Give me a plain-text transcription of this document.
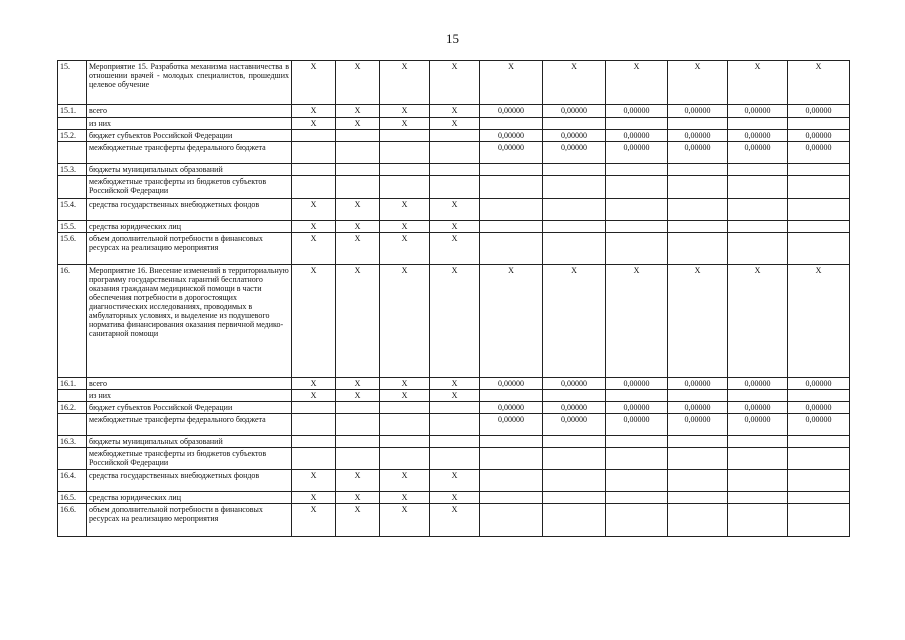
15
15.	Мероприятие 15. Разработка механизма наставничества в отношении врачей - молодых специалистов, прошедших целевое обучение	Х	Х	Х	Х	Х	Х	Х	Х	Х	Х
15.1.	всего	Х	Х	Х	Х	0,00000	0,00000	0,00000	0,00000	0,00000	0,00000
	из них	Х	Х	Х	Х						
15.2.	бюджет субъектов Российской Федерации					0,00000	0,00000	0,00000	0,00000	0,00000	0,00000
	межбюджетные трансферты федерального бюджета					0,00000	0,00000	0,00000	0,00000	0,00000	0,00000
15.3.	бюджеты муниципальных образований										
	межбюджетные трансферты из бюджетов субъектов Российской Федерации										
15.4.	средства государственных внебюджетных фондов	Х	Х	Х	Х						
15.5.	средства юридических лиц	Х	Х	Х	Х						
15.6.	объем дополнительной потребности в финансовых ресурсах на реализацию мероприятия	Х	Х	Х	Х						
16.	Мероприятие 16. Внесение изменений в территориальную программу государственных гарантий бесплатного оказания гражданам медицинской помощи в части обеспечения потребности в дорогостоящих диагностических исследованиях, проводимых в амбулаторных условиях, и выделение из подушевого норматива финансирования оказания первичной медико-санитарной помощи	Х	Х	Х	Х	Х	Х	Х	Х	Х	Х
16.1.	всего	Х	Х	Х	Х	0,00000	0,00000	0,00000	0,00000	0,00000	0,00000
	из них	Х	Х	Х	Х						
16.2.	бюджет субъектов Российской Федерации					0,00000	0,00000	0,00000	0,00000	0,00000	0,00000
	межбюджетные трансферты федерального бюджета					0,00000	0,00000	0,00000	0,00000	0,00000	0,00000
16.3.	бюджеты муниципальных образований										
	межбюджетные трансферты из бюджетов субъектов Российской Федерации										
16.4.	средства государственных внебюджетных фондов	Х	Х	Х	Х						
16.5.	средства юридических лиц	Х	Х	Х	Х						
16.6.	объем дополнительной потребности в финансовых ресурсах на реализацию мероприятия	Х	Х	Х	Х						
